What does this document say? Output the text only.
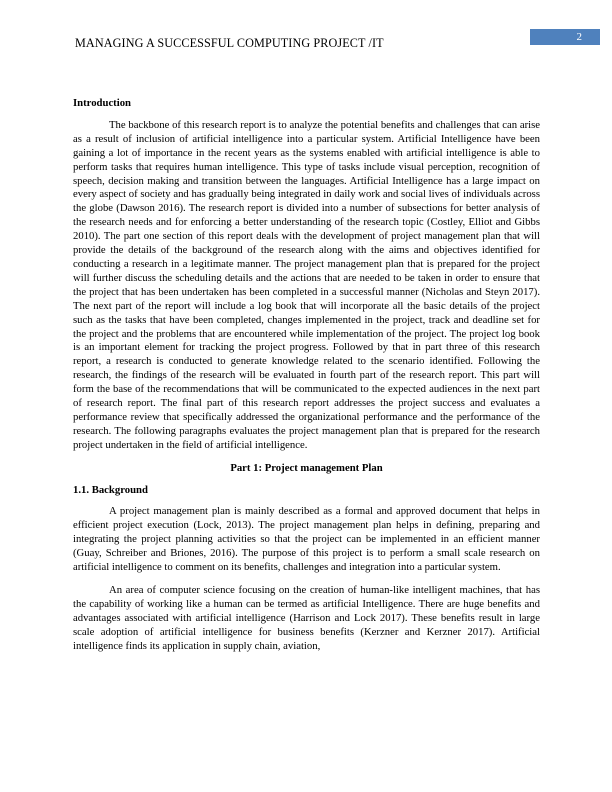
2
MANAGING A SUCCESSFUL COMPUTING PROJECT /IT
Introduction

The backbone of this research report is to analyze the potential benefits and challenges that can arise as a result of inclusion of artificial intelligence into a particular system. Artificial Intelligence have been gaining a lot of importance in the recent years as the systems enabled with artificial intelligence is able to perform tasks that requires human intelligence. This type of tasks include visual perception, recognition of speech, decision making and transition between the languages. Artificial Intelligence has a large impact on every aspect of society and has gradually being integrated in daily work and social lives of individuals across the globe (Dawson 2016). The research report is divided into a number of subsections for better analysis of the research needs and for enforcing a better understanding of the research topic (Costley, Elliot and Gibbs 2010). The part one section of this report deals with the development of project management plan that will provide the details of the background of the research along with the aims and objectives identified for conducting a research in a legitimate manner. The project management plan that is prepared for the project will further discuss the scheduling details and the actions that are needed to be taken in order to ensure that the project that has been undertaken has been completed in a successful manner (Nicholas and Steyn 2017). The next part of the report will include a log book that will incorporate all the basic details of the project such as the tasks that have been completed, changes implemented in the project, track and deadline set for the project and the problems that are encountered while implementation of the project. The project log book is an important element for tracking the project progress. Followed by that in part three of this research report, a research is conducted to generate knowledge related to the scenario identified. Following the research, the findings of the research will be evaluated in fourth part of the research report. This part will form the base of the recommendations that will be communicated to the expected audiences in the next part of research report. The final part of this research report addresses the project success and evaluates a performance review that specifically addressed the organizational performance and the performance of the research. The following paragraphs evaluates the project management plan that is prepared for the research project undertaken in the field of artificial intelligence.

Part 1: Project management Plan
1.1. Background

A project management plan is mainly described as a formal and approved document that helps in efficient project execution (Lock, 2013). The project management plan helps in defining, preparing and integrating the project planning activities so that the project can be implemented in an efficient manner (Guay, Schreiber and Briones, 2016). The purpose of this project is to perform a small scale research on artificial intelligence to comment on its benefits, challenges and integration into a particular system.

An area of computer science focusing on the creation of human-like intelligent machines, that has the capability of working like a human can be termed as artificial Intelligence. There are huge benefits and advantages associated with artificial intelligence (Harrison and Lock 2017). These benefits result in large scale adoption of artificial intelligence for business benefits (Kerzner and Kerzner 2017). Artificial intelligence finds its application in supply chain, aviation,
